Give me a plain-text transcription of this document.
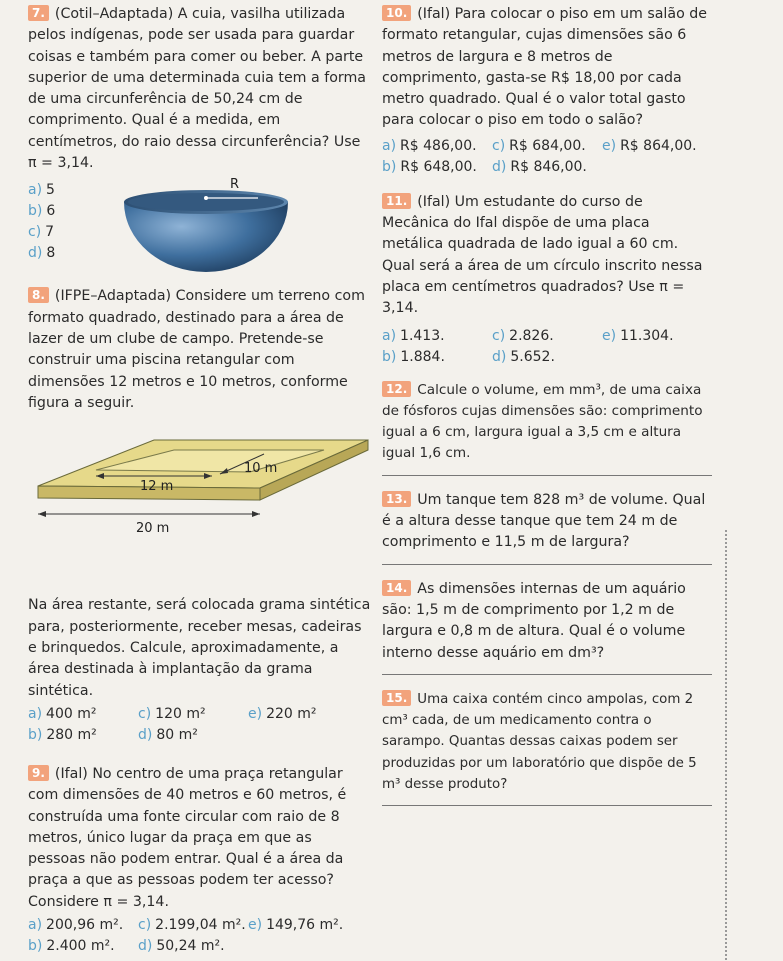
7. (Cotil–Adaptada) A cuia, vasilha utilizada pelos indígenas, pode ser usada para guardar coisas e também para comer ou beber. A parte superior de uma determinada cuia tem a forma de uma circunferência de 50,24 cm de comprimento. Qual é a medida, em centímetros, do raio dessa circunferência? Use π = 3,14.

a) 5
b) 6
c) 7
d) 8
R

8. (IFPE–Adaptada) Considere um terreno com formato quadrado, destinado para a área de lazer de um clube de campo. Pretende-se construir uma piscina retangular com dimensões 12 metros e 10 metros, conforme figura a seguir.

10 m
12 m
20 m

Na área restante, será colocada grama sintética para, posteriormente, receber mesas, cadeiras e brinquedos. Calcule, aproximadamente, a área destinada à implantação da grama sintética.

a) 400 m²	c) 120 m²	e) 220 m²
b) 280 m²	d) 80 m²

9. (Ifal) No centro de uma praça retangular com dimensões de 40 metros e 60 metros, é construída uma fonte circular com raio de 8 metros, único lugar da praça em que as pessoas não podem entrar. Qual é a área da praça a que as pessoas podem ter acesso? Considere π = 3,14.

a) 200,96 m².	c) 2.199,04 m². e) 149,76 m².
b) 2.400 m².	d) 50,24 m².

10. (Ifal) Para colocar o piso em um salão de formato retangular, cujas dimensões são 6 metros de largura e 8 metros de comprimento, gasta-se R$ 18,00 por cada metro quadrado. Qual é o valor total gasto para colocar o piso em todo o salão?

a) R$ 486,00.	c) R$ 684,00.	e) R$ 864,00.
b) R$ 648,00.	d) R$ 846,00.

11. (Ifal) Um estudante do curso de Mecânica do Ifal dispõe de uma placa metálica quadrada de lado igual a 60 cm. Qual será a área de um círculo inscrito nessa placa em centímetros quadrados? Use π = 3,14.

a) 1.413.	c) 2.826.	e) 11.304.
b) 1.884.	d) 5.652.

12. Calcule o volume, em mm³, de uma caixa de fósforos cujas dimensões são: comprimento igual a 6 cm, largura igual a 3,5 cm e altura igual 1,6 cm.

13. Um tanque tem 828 m³ de volume. Qual é a altura desse tanque que tem 24 m de comprimento e 11,5 m de largura?

14. As dimensões internas de um aquário são: 1,5 m de comprimento por 1,2 m de largura e 0,8 m de altura. Qual é o volume interno desse aquário em dm³?

15. Uma caixa contém cinco ampolas, com 2 cm³ cada, de um medicamento contra o sarampo. Quantas dessas caixas podem ser produzidas por um laboratório que dispõe de 5 m³ desse produto?
